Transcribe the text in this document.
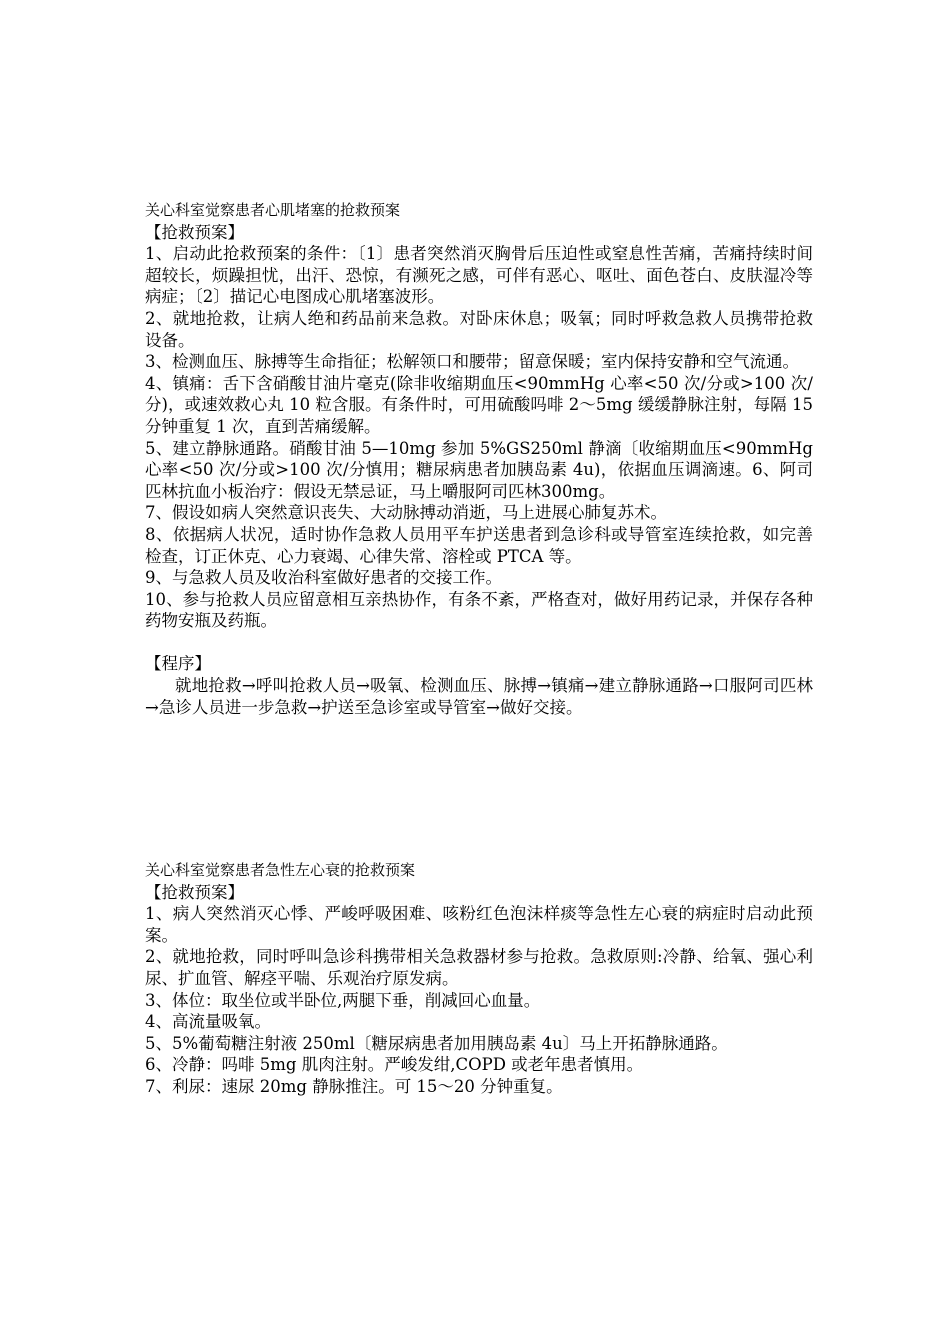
关心科室觉察患者心肌堵塞的抢救预案
【抢救预案】
1、启动此抢救预案的条件：〔1〕患者突然消灭胸骨后压迫性或窒息性苦痛，苦痛持续时间超较长，烦躁担忧，出汗、恐惊，有濒死之感，可伴有恶心、呕吐、面色苍白、皮肤湿冷等病症；〔2〕描记心电图成心肌堵塞波形。
2、就地抢救，让病人绝和药品前来急救。对卧床休息；吸氧；同时呼救急救人员携带抢救设备。
3、检测血压、脉搏等生命指征；松解领口和腰带；留意保暖；室内保持安静和空气流通。
4、镇痛：舌下含硝酸甘油片毫克(除非收缩期血压<90mmHg 心率<50 次/分或>100 次/分)，或速效救心丸 10 粒含服。有条件时，可用硫酸吗啡 2～5mg 缓缓静脉注射，每隔 15 分钟重复 1 次，直到苦痛缓解。
5、建立静脉通路。硝酸甘油 5—10mg 参加 5%GS250ml 静滴〔收缩期血压<90mmHg 心率<50 次/分或>100 次/分慎用；糖尿病患者加胰岛素 4u)，依据血压调滴速。6、阿司匹林抗血小板治疗：假设无禁忌证，马上嚼服阿司匹林300mg。
7、假设如病人突然意识丧失、大动脉搏动消逝，马上进展心肺复苏术。
8、依据病人状况，适时协作急救人员用平车护送患者到急诊科或导管室连续抢救，如完善检查，订正休克、心力衰竭、心律失常、溶栓或 PTCA 等。
9、与急救人员及收治科室做好患者的交接工作。
10、参与抢救人员应留意相互亲热协作，有条不紊，严格查对，做好用药记录，并保存各种药物安瓶及药瓶。
【程序】
就地抢救→呼叫抢救人员→吸氧、检测血压、脉搏→镇痛→建立静脉通路→口服阿司匹林→急诊人员进一步急救→护送至急诊室或导管室→做好交接。
关心科室觉察患者急性左心衰的抢救预案
【抢救预案】
1、病人突然消灭心悸、严峻呼吸困难、咳粉红色泡沫样痰等急性左心衰的病症时启动此预案。
2、就地抢救，同时呼叫急诊科携带相关急救器材参与抢救。急救原则:冷静、给氧、强心利尿、扩血管、解痉平喘、乐观治疗原发病。
3、体位：取坐位或半卧位,两腿下垂，削减回心血量。
4、高流量吸氧。
5、5%葡萄糖注射液 250ml〔糖尿病患者加用胰岛素 4u〕马上开拓静脉通路。
6、冷静：吗啡 5mg 肌肉注射。严峻发绀,COPD 或老年患者慎用。
7、利尿：速尿 20mg 静脉推注。可 15～20 分钟重复。
